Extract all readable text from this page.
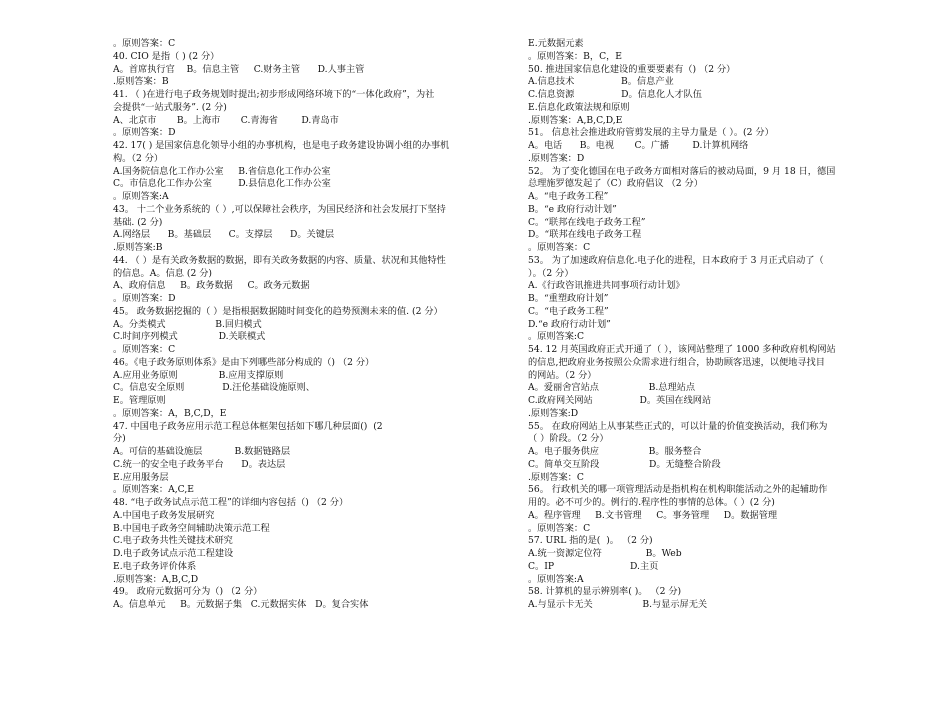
。原则答案：C
40. CIO 是指（ ) (2 分）
A。首席执行官    B。信息主管     C.财务主管      D.人事主管
.原则答案：B
41. （ )在进行电子政务规划时提出;初步形成网络环境下的“一体化政府”，为社
会提供“一站式服务”. (2 分)
A、北京市       B。上海市       C.青海省        D.青岛市
。原则答案：D
42. 17( ) 是国家信息化领导小组的办事机构，也是电子政务建设协调小组的办事机
构。（2 分）
A.国务院信息化工作办公室     B.省信息化工作办公室
C。市信息化工作办公室         D.县信息化工作办公室
。原则答案:A
43。 十二个业务系统的（ ）,可以保障社会秩序，为国民经济和社会发展打下坚持
基础. (2 分)
A.网络层      B。基础层      C。支撑层      D。关键层
.原则答案:B
44. （ ）是有关政务数据的数据，即有关政务数据的内容、质量、状况和其他特性
的信息。A。信息 (2 分)
A、政府信息     B。政务数据     C。政务元数据
。原则答案：D
45。 政务数据挖掘的（ ）是指根据数据随时间变化的趋势预测未来的值. (2 分）
A。分类模式                 B.回归模式
C.时间序列模式              D.关联模式
。原则答案：C
46。《电子政务原则体系》是由下列哪些部分构成的（) （2 分）
A.应用业务原则              B.应用支撑原则
C。信息安全原则             D.汪伦基础设施原则、
E。管理原则
。原则答案：A，B,C,D，E
47. 中国电子政务应用示范工程总体框架包括如下哪几种层面()  (2
分)
A。可信的基础设施层           B.数据链路层
C.统一的安全电子政务平台      D。表达层
E.应用服务层
。原则答案：A,C,E
48. “电子政务试点示范工程”的详细内容包括（) （2 分）
A.中国电子政务发展研究
B.中国电子政务空间辅助决策示范工程
C.电子政务共性关键技术研究
D.电子政务试点示范工程建设
E.电子政务评价体系
.原则答案：A,B,C,D
49。 政府元数据可分为（) （2 分）
A。信息单元     B。元数据子集   C.元数据实体   D。复合实体
E.元数据元素
。原则答案：B，C，E
50. 推进国家信息化建设的重要要素有（) （2 分）
A.信息技术                B。信息产业
C.信息资源                D。信息化人才队伍
E.信息化政策法规和原则
.原则答案：A,B,C,D,E
51。 信息社会推进政府管剪发展的主导力量是（ ）。(2 分）
A。电话      B。电视       C。广播        D.计算机网络
.原则答案：D
52。 为了变化德国在电子政务方面相对落后的被动局面，9 月 18 日，德国
总理施罗德发起了（C）政府倡议 （2 分）
A。“电子政务工程”
B。“e 政府行动计划”
C。“联邦在线电子政务工程”
D。“联邦在线电子政务工程
。原则答案：C
53。 为了加速政府信息化.电子化的进程，日本政府于 3 月正式启动了（
）。（2 分）
A.《行政咨讯推进共同事项行动计划》
B。“重塑政府计划”
C。“电子政务工程”
D.“e 政府行动计划”
。原则答案:C
54. 12 月英国政府正式开通了（ ），该网站整理了 1000 多种政府机构网站
的信息,把政府业务按照公众需求进行组合，协助顾客迅速，以便地寻找目
的网站。（2 分）
A。爱丽舍宫站点                 B.总理站点
C.政府网关网站                D。英国在线网站
.原则答案:D
55。 在政府网站上从事某些正式的，可以计量的价值变换活动，我们称为
（ ）阶段。（2 分）
A。电子服务供应                 B。服务整合
C。简单交互阶段                 D。无缝整合阶段
.原则答案：C
56。 行政机关的哪一项管理活动是指机构在机构职能活动之外的起辅助作
用的。必不可少的。例行的.程序性的事情的总体。（ ）(2 分)
A。程序管理     B.文书管理     C。事务管理     D。数据管理
。原则答案：C
57. URL 指的是(  )。 （2 分)
A.统一资源定位符               B。Web
C。IP                          D.主页
。原则答案:A
58. 计算机的显示辨别率( )。 （2 分)
A.与显示卡无关                 B.与显示屏无关
